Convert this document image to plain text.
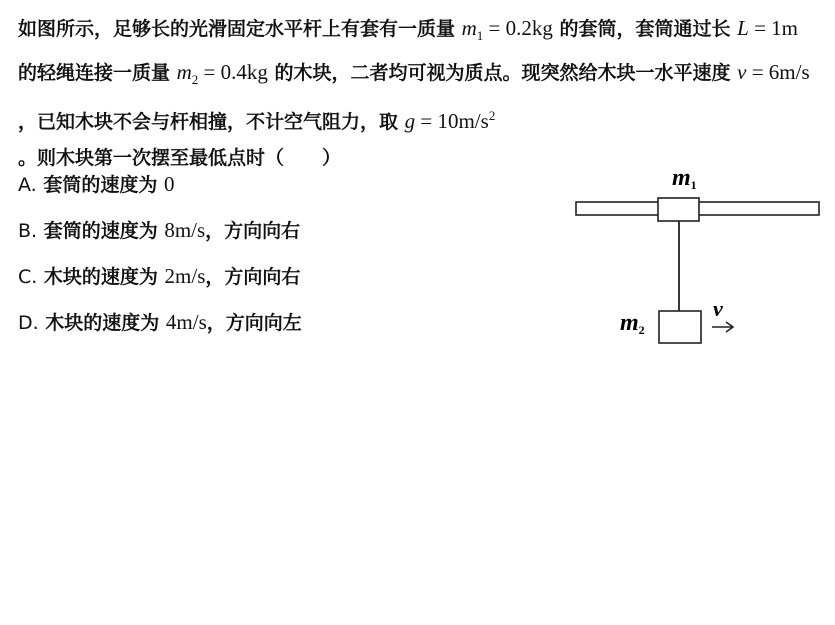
如图所示，足够长的光滑固定水平杆上有套有一质量 $m_1 = 0.2kg$ 的套筒，套筒通过长 L = 1m 的轻绳连接一质量 $m_2 = 0.4kg$ 的木块，二者均可视为质点。现突然给木块一水平速度 v = 6m/s ，已知木块不会与杆相撞，不计空气阻力，取 $g = 10m/s^2$ 。则木块第一次摆至最低点时（　　）

A. 套筒的速度为 0
B. 套筒的速度为 8m/s，方向向右
C. 木块的速度为 2m/s，方向向右
D. 木块的速度为 4m/s，方向向左
m1
m2
v
